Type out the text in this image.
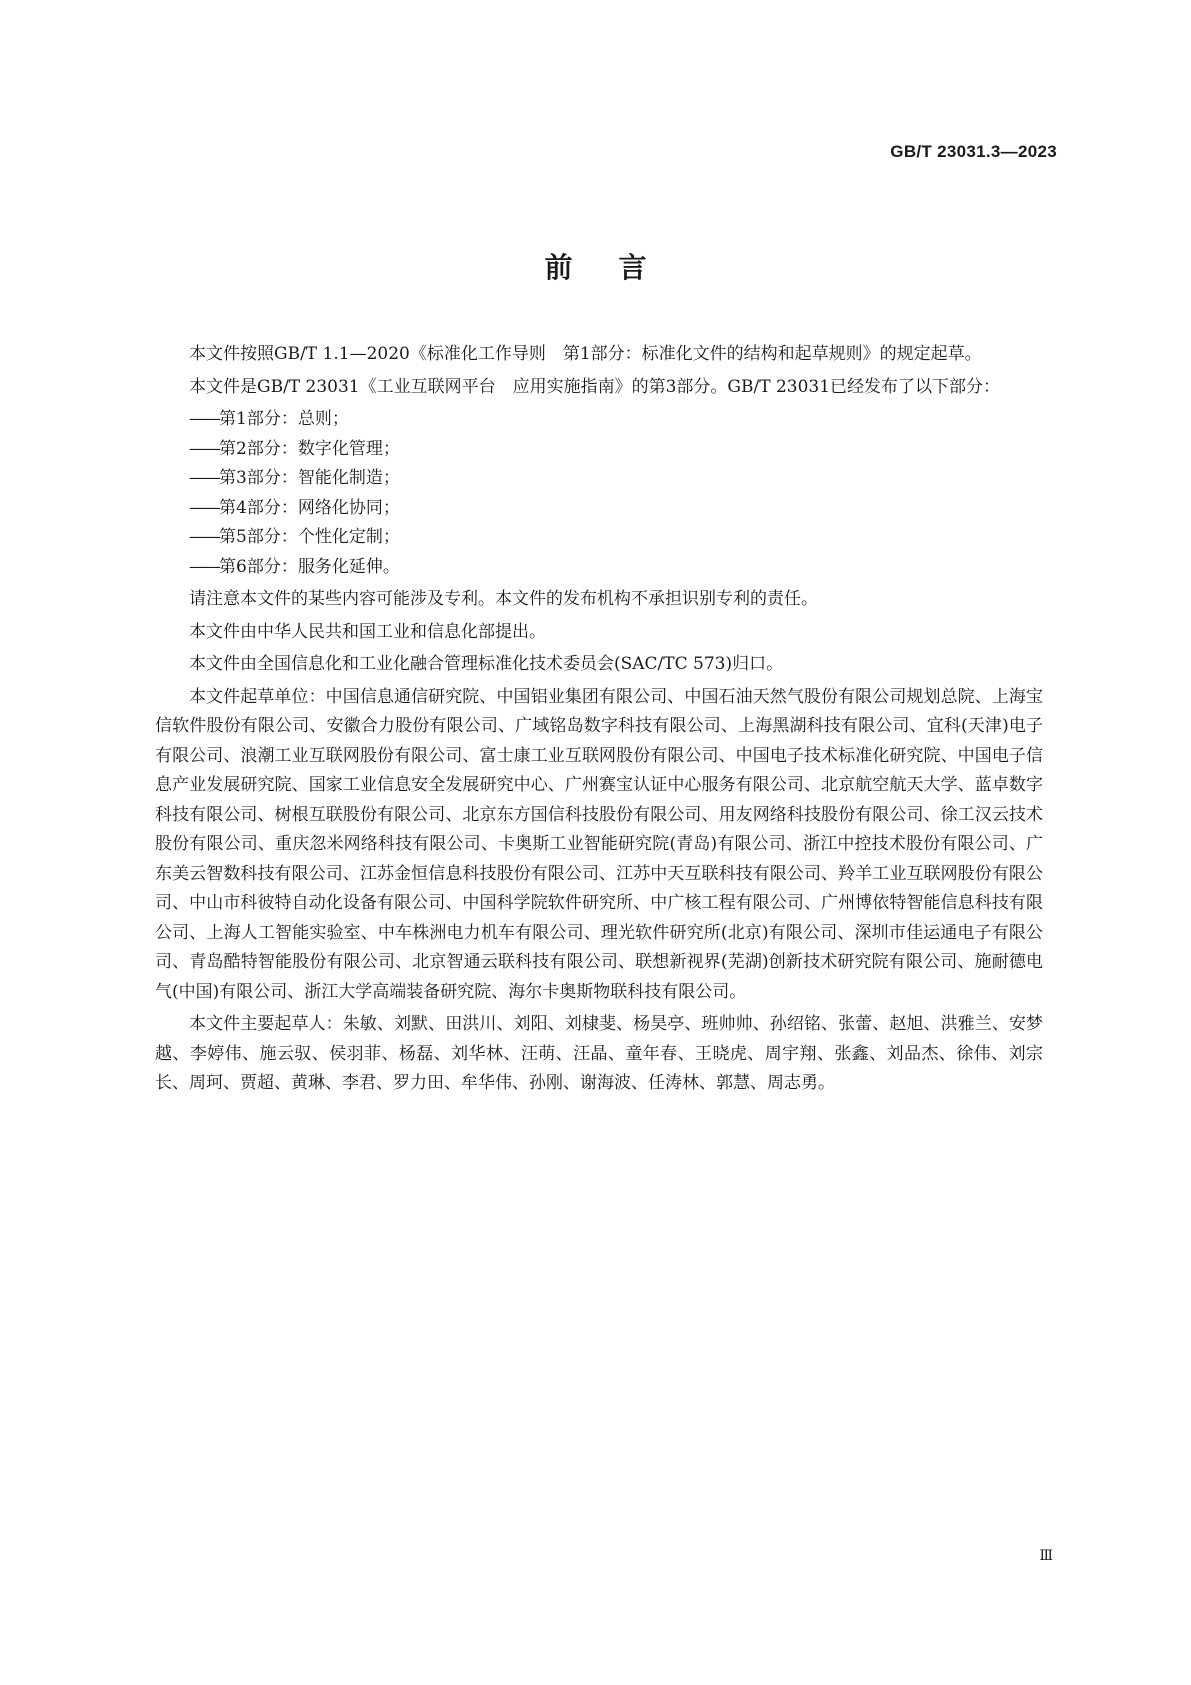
GB/T 23031.3—2023
前言

本文件按照GB/T 1.1—2020《标准化工作导则　第1部分：标准化文件的结构和起草规则》的规定起草。

本文件是GB/T 23031《工业互联网平台　应用实施指南》的第3部分。GB/T 23031已经发布了以下部分：

——第1部分：总则；
——第2部分：数字化管理；
——第3部分：智能化制造；
——第4部分：网络化协同；
——第5部分：个性化定制；
——第6部分：服务化延伸。

请注意本文件的某些内容可能涉及专利。本文件的发布机构不承担识别专利的责任。

本文件由中华人民共和国工业和信息化部提出。

本文件由全国信息化和工业化融合管理标准化技术委员会(SAC/TC 573)归口。

本文件起草单位：中国信息通信研究院、中国铝业集团有限公司、中国石油天然气股份有限公司规划总院、上海宝信软件股份有限公司、安徽合力股份有限公司、广域铭岛数字科技有限公司、上海黑湖科技有限公司、宜科(天津)电子有限公司、浪潮工业互联网股份有限公司、富士康工业互联网股份有限公司、中国电子技术标准化研究院、中国电子信息产业发展研究院、国家工业信息安全发展研究中心、广州赛宝认证中心服务有限公司、北京航空航天大学、蓝卓数字科技有限公司、树根互联股份有限公司、北京东方国信科技股份有限公司、用友网络科技股份有限公司、徐工汉云技术股份有限公司、重庆忽米网络科技有限公司、卡奥斯工业智能研究院(青岛)有限公司、浙江中控技术股份有限公司、广东美云智数科技有限公司、江苏金恒信息科技股份有限公司、江苏中天互联科技有限公司、羚羊工业互联网股份有限公司、中山市科彼特自动化设备有限公司、中国科学院软件研究所、中广核工程有限公司、广州博依特智能信息科技有限公司、上海人工智能实验室、中车株洲电力机车有限公司、理光软件研究所(北京)有限公司、深圳市佳运通电子有限公司、青岛酷特智能股份有限公司、北京智通云联科技有限公司、联想新视界(芜湖)创新技术研究院有限公司、施耐德电气(中国)有限公司、浙江大学高端装备研究院、海尔卡奥斯物联科技有限公司。

本文件主要起草人：朱敏、刘默、田洪川、刘阳、刘棣斐、杨昊亭、班帅帅、孙绍铭、张蕾、赵旭、洪雅兰、安梦越、李婷伟、施云驭、侯羽菲、杨磊、刘华林、汪萌、汪晶、童年春、王晓虎、周宇翔、张鑫、刘品杰、徐伟、刘宗长、周珂、贾超、黄琳、李君、罗力田、牟华伟、孙刚、谢海波、任涛林、郭慧、周志勇。

Ⅲ
